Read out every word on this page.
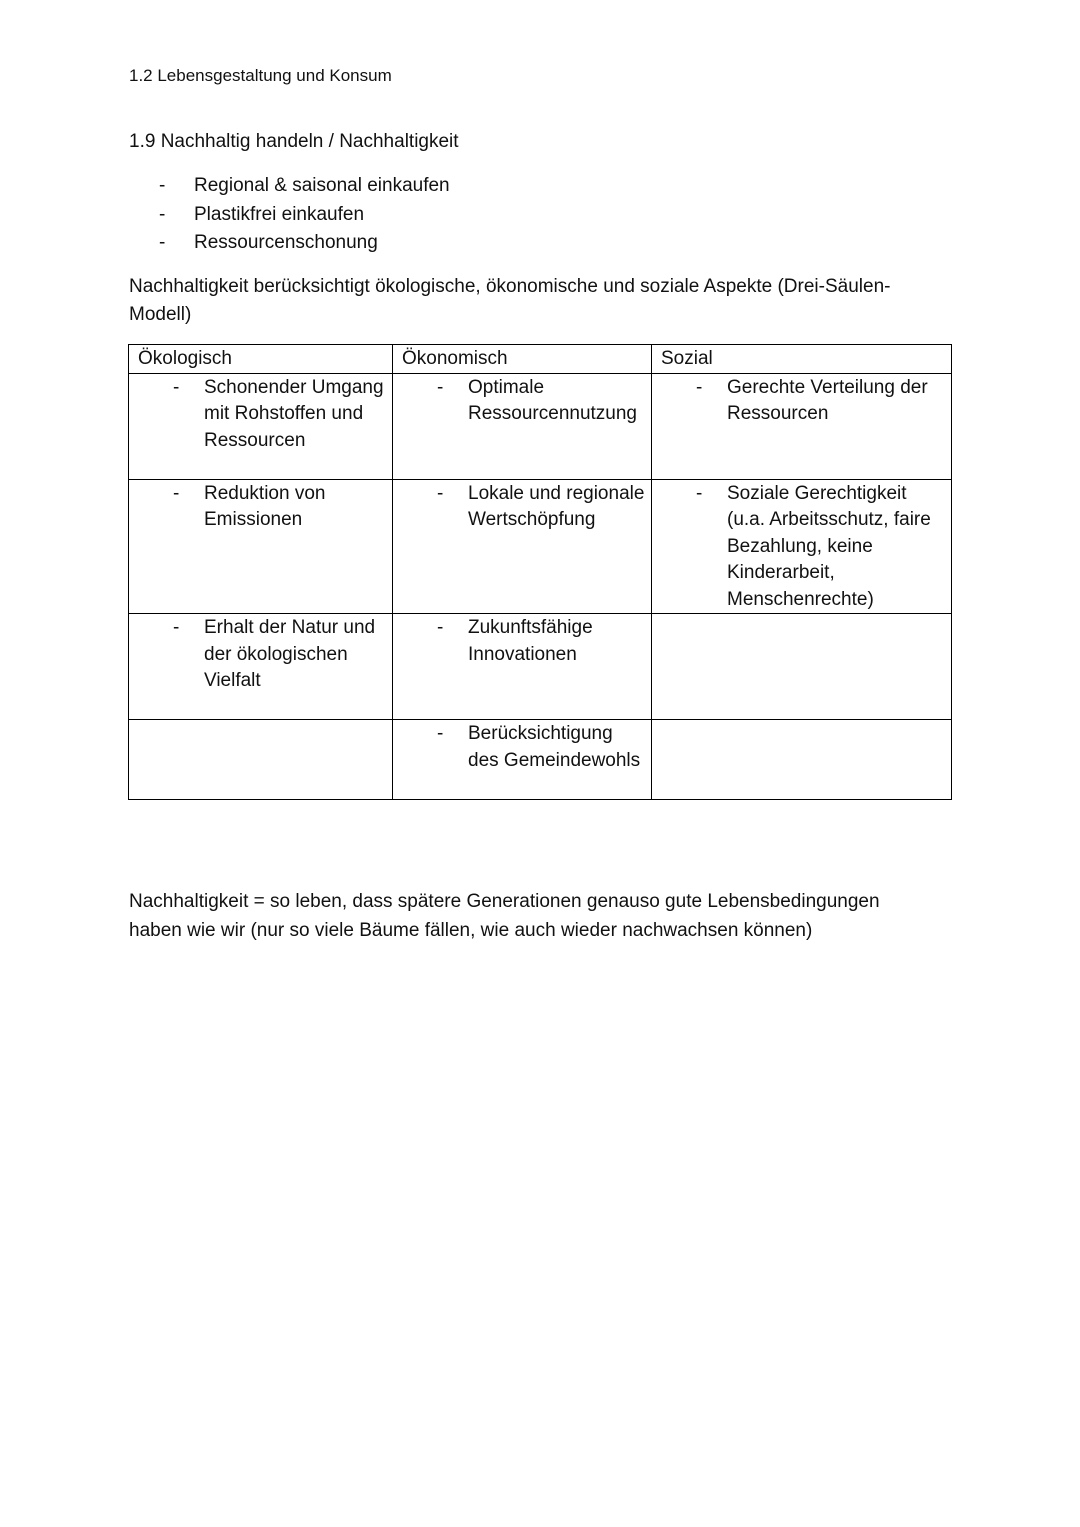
1.2 Lebensgestaltung und Konsum
1.9 Nachhaltig handeln / Nachhaltigkeit
- Regional & saisonal einkaufen
- Plastikfrei einkaufen
- Ressourcenschonung
Nachhaltigkeit berücksichtigt ökologische, ökonomische und soziale Aspekte (Drei-Säulen-Modell)
Ökologisch	Ökonomisch	Sozial

- Schonender Umgang mit Rohstoffen und Ressourcen	- Optimale Ressourcennutzung	- Gerechte Verteilung der Ressourcen

- Reduktion von Emissionen	- Lokale und regionale Wertschöpfung	- Soziale Gerechtigkeit (u.a. Arbeitsschutz, faire Bezahlung, keine Kinderarbeit, Menschenrechte)

- Erhalt der Natur und der ökologischen Vielfalt	- Zukunftsfähige Innovationen	

	- Berücksichtigung des Gemeindewohls	

Nachhaltigkeit = so leben, dass spätere Generationen genauso gute Lebensbedingungen haben wie wir (nur so viele Bäume fällen, wie auch wieder nachwachsen können)
